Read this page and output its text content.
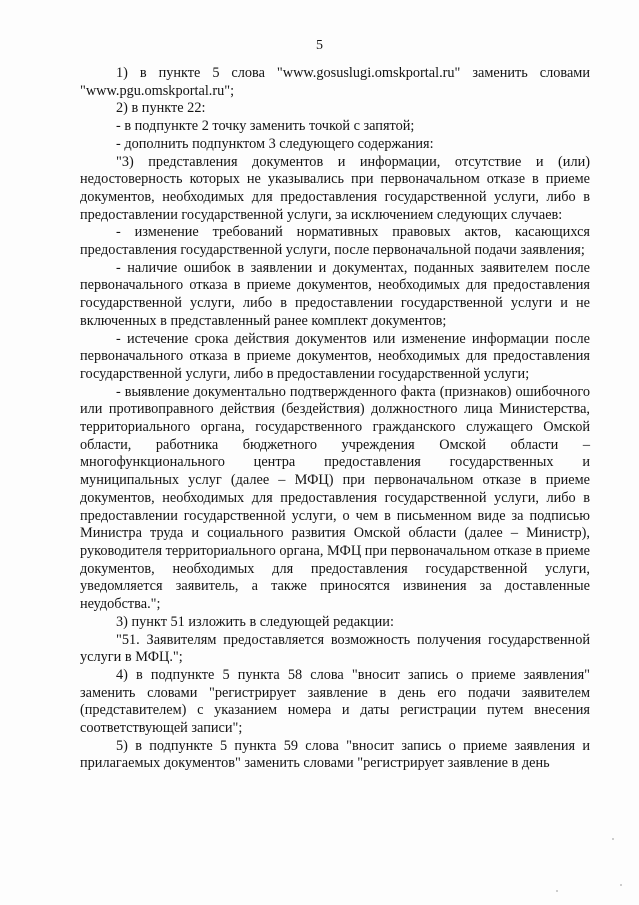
5

1) в пункте 5 слова "www.gosuslugi.omskportal.ru" заменить словами "www.pgu.omskportal.ru";

2) в пункте 22:

- в подпункте 2 точку заменить точкой с запятой;

- дополнить подпунктом 3 следующего содержания:

"3) представления документов и информации, отсутствие и (или) недостоверность которых не указывались при первоначальном отказе в приеме документов, необходимых для предоставления государственной услуги, либо в предоставлении государственной услуги, за исключением следующих случаев:

- изменение требований нормативных правовых актов, касающихся предоставления государственной услуги, после первоначальной подачи заявления;

- наличие ошибок в заявлении и документах, поданных заявителем после первоначального отказа в приеме документов, необходимых для предоставления государственной услуги, либо в предоставлении государственной услуги и не включенных в представленный ранее комплект документов;

- истечение срока действия документов или изменение информации после первоначального отказа в приеме документов, необходимых для предоставления государственной услуги, либо в предоставлении государственной услуги;

- выявление документально подтвержденного факта (признаков) ошибочного или противоправного действия (бездействия) должностного лица Министерства, территориального органа, государственного гражданского служащего Омской области, работника бюджетного учреждения Омской области – многофункционального центра предоставления государственных и муниципальных услуг (далее – МФЦ) при первоначальном отказе в приеме документов, необходимых для предоставления государственной услуги, либо в предоставлении государственной услуги, о чем в письменном виде за подписью Министра труда и социального развития Омской области (далее – Министр), руководителя территориального органа, МФЦ при первоначальном отказе в приеме документов, необходимых для предоставления государственной услуги, уведомляется заявитель, а также приносятся извинения за доставленные неудобства.";

3) пункт 51 изложить в следующей редакции:

"51. Заявителям предоставляется возможность получения государственной услуги в МФЦ.";

4) в подпункте 5 пункта 58 слова "вносит запись о приеме заявления" заменить словами "регистрирует заявление в день его подачи заявителем (представителем) с указанием номера и даты регистрации путем внесения соответствующей записи";

5) в подпункте 5 пункта 59 слова "вносит запись о приеме заявления и прилагаемых документов" заменить словами "регистрирует заявление в день
